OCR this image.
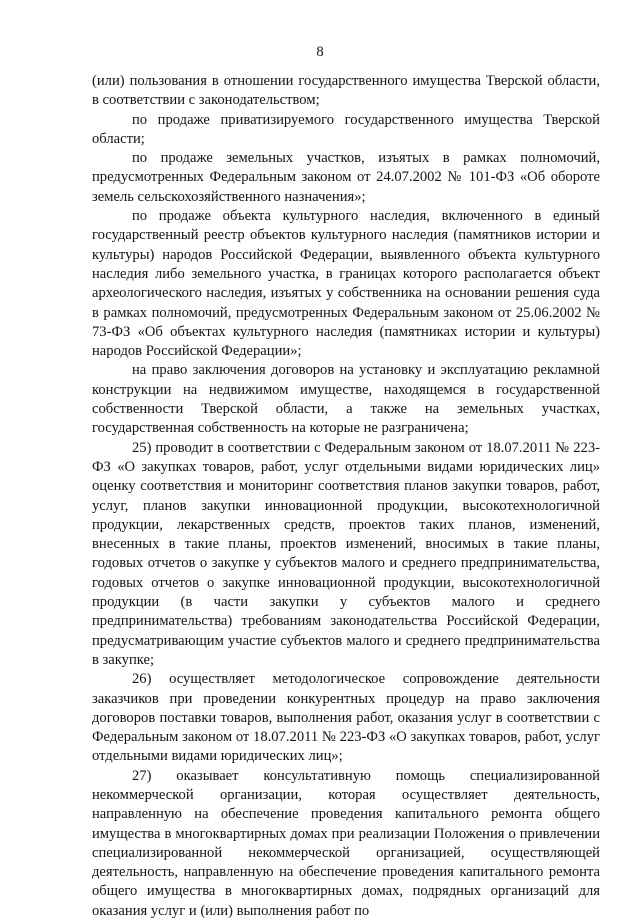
8

(или) пользования в отношении государственного имущества Тверской области, в соответствии с законодательством;

по продаже приватизируемого государственного имущества Тверской области;

по продаже земельных участков, изъятых в рамках полномочий, предусмотренных Федеральным законом от 24.07.2002 № 101-ФЗ «Об обороте земель сельскохозяйственного назначения»;

по продаже объекта культурного наследия, включенного в единый государственный реестр объектов культурного наследия (памятников истории и культуры) народов Российской Федерации, выявленного объекта культурного наследия либо земельного участка, в границах которого располагается объект археологического наследия, изъятых у собственника на основании решения суда в рамках полномочий, предусмотренных Федеральным законом от 25.06.2002 № 73-ФЗ «Об объектах культурного наследия (памятниках истории и культуры) народов Российской Федерации»;

на право заключения договоров на установку и эксплуатацию рекламной конструкции на недвижимом имуществе, находящемся в государственной собственности Тверской области, а также на земельных участках, государственная собственность на которые не разграничена;

25) проводит в соответствии с Федеральным законом от 18.07.2011 № 223-ФЗ «О закупках товаров, работ, услуг отдельными видами юридических лиц» оценку соответствия и мониторинг соответствия планов закупки товаров, работ, услуг, планов закупки инновационной продукции, высокотехнологичной продукции, лекарственных средств, проектов таких планов, изменений, внесенных в такие планы, проектов изменений, вносимых в такие планы, годовых отчетов о закупке у субъектов малого и среднего предпринимательства, годовых отчетов о закупке инновационной продукции, высокотехнологичной продукции (в части закупки у субъектов малого и среднего предпринимательства) требованиям законодательства Российской Федерации, предусматривающим участие субъектов малого и среднего предпринимательства в закупке;

26) осуществляет методологическое сопровождение деятельности заказчиков при проведении конкурентных процедур на право заключения договоров поставки товаров, выполнения работ, оказания услуг в соответствии с Федеральным законом от 18.07.2011 № 223-ФЗ «О закупках товаров, работ, услуг отдельными видами юридических лиц»;

27) оказывает консультативную помощь специализированной некоммерческой организации, которая осуществляет деятельность, направленную на обеспечение проведения капитального ремонта общего имущества в многоквартирных домах при реализации Положения о привлечении специализированной некоммерческой организацией, осуществляющей деятельность, направленную на обеспечение проведения капитального ремонта общего имущества в многоквартирных домах, подрядных организаций для оказания услуг и (или) выполнения работ по
